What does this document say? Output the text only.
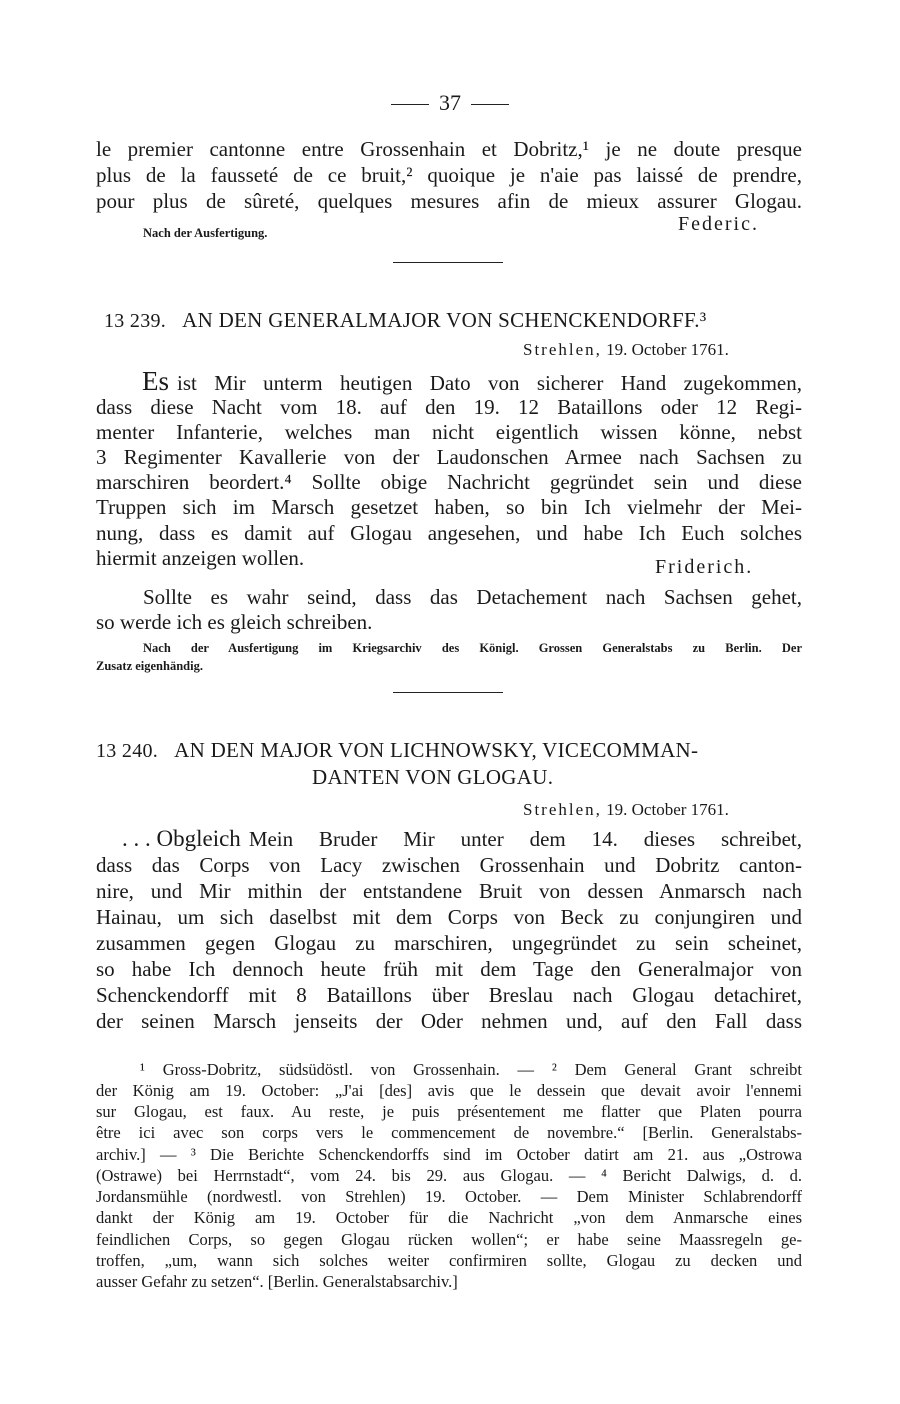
37
le premier cantonne entre Grossenhain et Dobritz,¹ je ne doute presque
plus de la fausseté de ce bruit,² quoique je n'aie pas laissé de prendre,
pour plus de sûreté, quelques mesures afin de mieux assurer Glogau.
Nach der Ausfertigung.	Federic.
13 239. AN DEN GENERALMAJOR VON SCHENCKENDORFF.³
Strehlen, 19. October 1761.
Es ist Mir unterm heutigen Dato von sicherer Hand zugekommen,
dass diese Nacht vom 18. auf den 19. 12 Bataillons oder 12 Regi-
menter Infanterie, welches man nicht eigentlich wissen könne, nebst
3 Regimenter Kavallerie von der Laudonschen Armee nach Sachsen zu
marschiren beordert.⁴ Sollte obige Nachricht gegründet sein und diese
Truppen sich im Marsch gesetzet haben, so bin Ich vielmehr der Mei-
nung, dass es damit auf Glogau angesehen, und habe Ich Euch solches
hiermit anzeigen wollen.	Friderich.
Sollte es wahr seind, dass das Detachement nach Sachsen gehet,
so werde ich es gleich schreiben.
Nach der Ausfertigung im Kriegsarchiv des Königl. Grossen Generalstabs zu Berlin. Der
Zusatz eigenhändig.
13 240. AN DEN MAJOR VON LICHNOWSKY, VICECOMMAN-
DANTEN VON GLOGAU.
Strehlen, 19. October 1761.
. . . Obgleich Mein Bruder Mir unter dem 14. dieses schreibet,
dass das Corps von Lacy zwischen Grossenhain und Dobritz canton-
nire, und Mir mithin der entstandene Bruit von dessen Anmarsch nach
Hainau, um sich daselbst mit dem Corps von Beck zu conjungiren und
zusammen gegen Glogau zu marschiren, ungegründet zu sein scheinet,
so habe Ich dennoch heute früh mit dem Tage den Generalmajor von
Schenckendorff mit 8 Bataillons über Breslau nach Glogau detachiret,
der seinen Marsch jenseits der Oder nehmen und, auf den Fall dass
¹ Gross-Dobritz, südsüdöstl. von Grossenhain. — ² Dem General Grant schreibt
der König am 19. October: „J'ai [des] avis que le dessein que devait avoir l'ennemi
sur Glogau, est faux. Au reste, je puis présentement me flatter que Platen pourra
être ici avec son corps vers le commencement de novembre.“ [Berlin. Generalstabs-
archiv.] — ³ Die Berichte Schenckendorffs sind im October datirt am 21. aus „Ostrowa
(Ostrawe) bei Herrnstadt“, vom 24. bis 29. aus Glogau. — ⁴ Bericht Dalwigs, d. d.
Jordansmühle (nordwestl. von Strehlen) 19. October. — Dem Minister Schlabrendorff
dankt der König am 19. October für die Nachricht „von dem Anmarsche eines
feindlichen Corps, so gegen Glogau rücken wollen“; er habe seine Maassregeln ge-
troffen, „um, wann sich solches weiter confirmiren sollte, Glogau zu decken und
ausser Gefahr zu setzen“. [Berlin. Generalstabsarchiv.]
